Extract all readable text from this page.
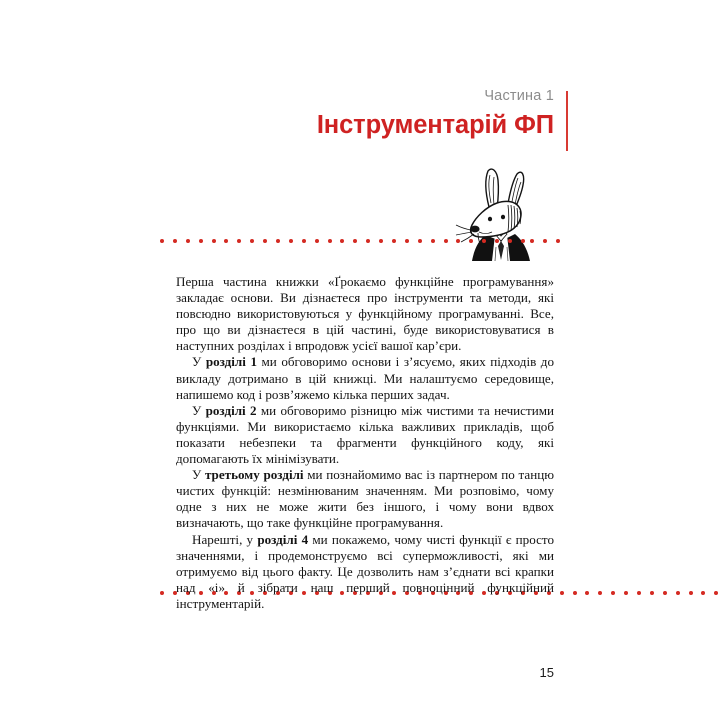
Частина 1

Інструментарій ФП

Перша частина книжки «Ґрокаємо функційне програмування» закладає основи. Ви дізнаєтеся про інструменти та методи, які повсюдно використовуються у функційному програмуванні. Все, про що ви дізнаєтеся в цій частині, буде використовуватися в наступних розділах і впродовж усієї вашої кар’єри.

У розділі 1 ми обговоримо основи і з’ясуємо, яких підходів до викладу дотримано в цій книжці. Ми налаштуємо середовище, напишемо код і розв’яжемо кілька перших задач.

У розділі 2 ми обговоримо різницю між чистими та нечистими функціями. Ми використаємо кілька важливих прикладів, щоб показати небезпеки та фрагменти функційного коду, які допомагають їх мінімізувати.

У третьому розділі ми познайомимо вас із партнером по танцю чистих функцій: незмінюваним значенням. Ми розповімо, чому одне з них не може жити без іншого, і чому вони вдвох визначають, що таке функційне програмування.

Нарешті, у розділі 4 ми покажемо, чому чисті функції є просто значеннями, і продемонструємо всі суперможливості, які ми отримуємо від цього факту. Це дозволить нам з’єднати всі крапки над «і» й зібрати наш перший повноцінний функційний інструментарій.

15
